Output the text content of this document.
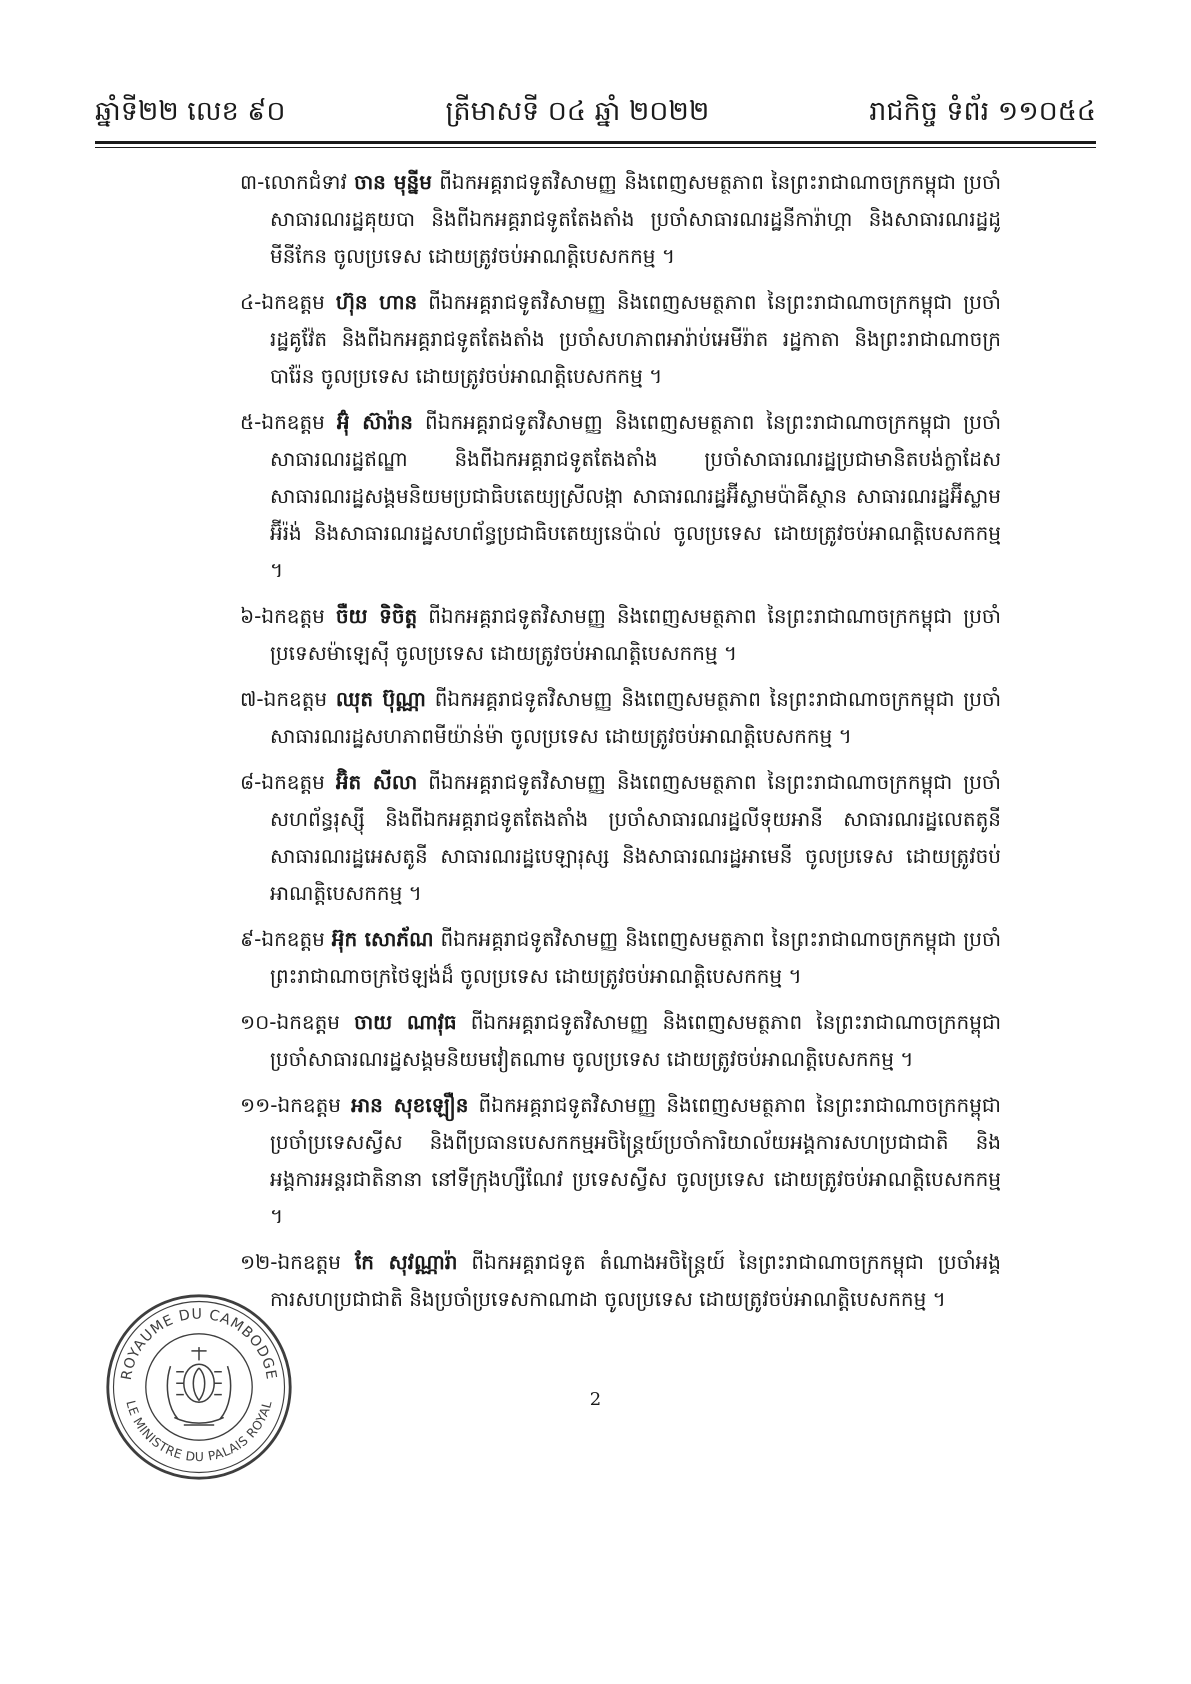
ឆ្នាំទី២២ លេខ ៩០	ត្រីមាសទី ០៤ ឆ្នាំ ២០២២	រាជកិច្ច ទំព័រ ១១០៥៤

៣-លោកជំទាវ ចាន មុន្នីម ពីឯកអគ្គរាជទូតវិសាមញ្ញ និងពេញសមត្ថភាព នៃព្រះរាជាណាចក្រកម្ពុជា ប្រចាំសាធារណរដ្ឋគុយបា និងពីឯកអគ្គរាជទូតតែងតាំង ប្រចាំសាធារណរដ្ឋនីការ៉ាហ្គា និងសាធារណរដ្ឋដូមីនីកែន ចូលប្រទេស ដោយត្រូវចប់អាណត្តិបេសកកម្ម ។

៤-ឯកឧត្តម ហ៊ុន ហាន ពីឯកអគ្គរាជទូតវិសាមញ្ញ និងពេញសមត្ថភាព នៃព្រះរាជាណាចក្រកម្ពុជា ប្រចាំរដ្ឋគូវ៉ែត និងពីឯកអគ្គរាជទូតតែងតាំង ប្រចាំសហភាពអារ៉ាប់អេមីរ៉ាត រដ្ឋកាតា និងព្រះរាជាណាចក្របារ៉ែន ចូលប្រទេស ដោយត្រូវចប់អាណត្តិបេសកកម្ម ។

៥-ឯកឧត្តម អ៊ុំ ស៊ារ៉ាន ពីឯកអគ្គរាជទូតវិសាមញ្ញ និងពេញសមត្ថភាព នៃព្រះរាជាណាចក្រកម្ពុជា ប្រចាំសាធារណរដ្ឋឥណ្ឌា និងពីឯកអគ្គរាជទូតតែងតាំង ប្រចាំសាធារណរដ្ឋប្រជាមានិតបង់ក្លាដែស សាធារណរដ្ឋសង្គមនិយមប្រជាធិបតេយ្យស្រីលង្កា សាធារណរដ្ឋអ៊ីស្លាមប៉ាគីស្ថាន សាធារណរដ្ឋអ៊ីស្លាមអ៊ីរ៉ង់ និងសាធារណរដ្ឋសហព័ន្ធប្រជាធិបតេយ្យនេប៉ាល់ ចូលប្រទេស ដោយត្រូវចប់អាណត្តិបេសកកម្ម ។

៦-ឯកឧត្តម ចឺយ ទិចិត្ត ពីឯកអគ្គរាជទូតវិសាមញ្ញ និងពេញសមត្ថភាព នៃព្រះរាជាណាចក្រកម្ពុជា ប្រចាំប្រទេសម៉ាឡេស៊ី ចូលប្រទេស ដោយត្រូវចប់អាណត្តិបេសកកម្ម ។

៧-ឯកឧត្តម ឈុត ប៊ុណ្ណា ពីឯកអគ្គរាជទូតវិសាមញ្ញ និងពេញសមត្ថភាព នៃព្រះរាជាណាចក្រកម្ពុជា ប្រចាំសាធារណរដ្ឋសហភាពមីយ៉ាន់ម៉ា ចូលប្រទេស ដោយត្រូវចប់អាណត្តិបេសកកម្ម ។

៨-ឯកឧត្តម អ៊ិត សីលា ពីឯកអគ្គរាជទូតវិសាមញ្ញ និងពេញសមត្ថភាព នៃព្រះរាជាណាចក្រកម្ពុជា ប្រចាំសហព័ន្ធរុស្ស៊ី និងពីឯកអគ្គរាជទូតតែងតាំង ប្រចាំសាធារណរដ្ឋលីទុយអានី សាធារណរដ្ឋលេតតូនី សាធារណរដ្ឋអេសតូនី សាធារណរដ្ឋបេឡារុស្ស និងសាធារណរដ្ឋអាមេនី ចូលប្រទេស ដោយត្រូវចប់អាណត្តិបេសកកម្ម ។

៩-ឯកឧត្តម អ៊ុក សោភ័ណ ពីឯកអគ្គរាជទូតវិសាមញ្ញ និងពេញសមត្ថភាព នៃព្រះរាជាណាចក្រកម្ពុជា ប្រចាំព្រះរាជាណាចក្រថៃឡង់ដ៏ ចូលប្រទេស ដោយត្រូវចប់អាណត្តិបេសកកម្ម ។

១០-ឯកឧត្តម ចាយ ណាវុធ ពីឯកអគ្គរាជទូតវិសាមញ្ញ និងពេញសមត្ថភាព នៃព្រះរាជាណាចក្រកម្ពុជា ប្រចាំសាធារណរដ្ឋសង្គមនិយមវៀតណាម ចូលប្រទេស ដោយត្រូវចប់អាណត្តិបេសកកម្ម ។

១១-ឯកឧត្តម អាន សុខឡឿន ពីឯកអគ្គរាជទូតវិសាមញ្ញ និងពេញសមត្ថភាព នៃព្រះរាជាណាចក្រកម្ពុជា ប្រចាំប្រទេសស្វីស និងពីប្រធានបេសកកម្មអចិន្ត្រៃយ៍ប្រចាំការិយាល័យអង្គការសហប្រជាជាតិ និងអង្គការអន្តរជាតិនានា នៅទីក្រុងហ្សឺណែវ ប្រទេសស្វីស ចូលប្រទេស ដោយត្រូវចប់អាណត្តិបេសកកម្ម ។

១២-ឯកឧត្តម កែ សុវណ្ណារ៉ា ពីឯកអគ្គរាជទូត តំណាងអចិន្ត្រៃយ៍ នៃព្រះរាជាណាចក្រកម្ពុជា ប្រចាំអង្គការសហប្រជាជាតិ និងប្រចាំប្រទេសកាណាដា ចូលប្រទេស ដោយត្រូវចប់អាណត្តិបេសកកម្ម ។

ROYAUME DU CAMBODGE
LE MINISTRE DU PALAIS ROYAL	2
